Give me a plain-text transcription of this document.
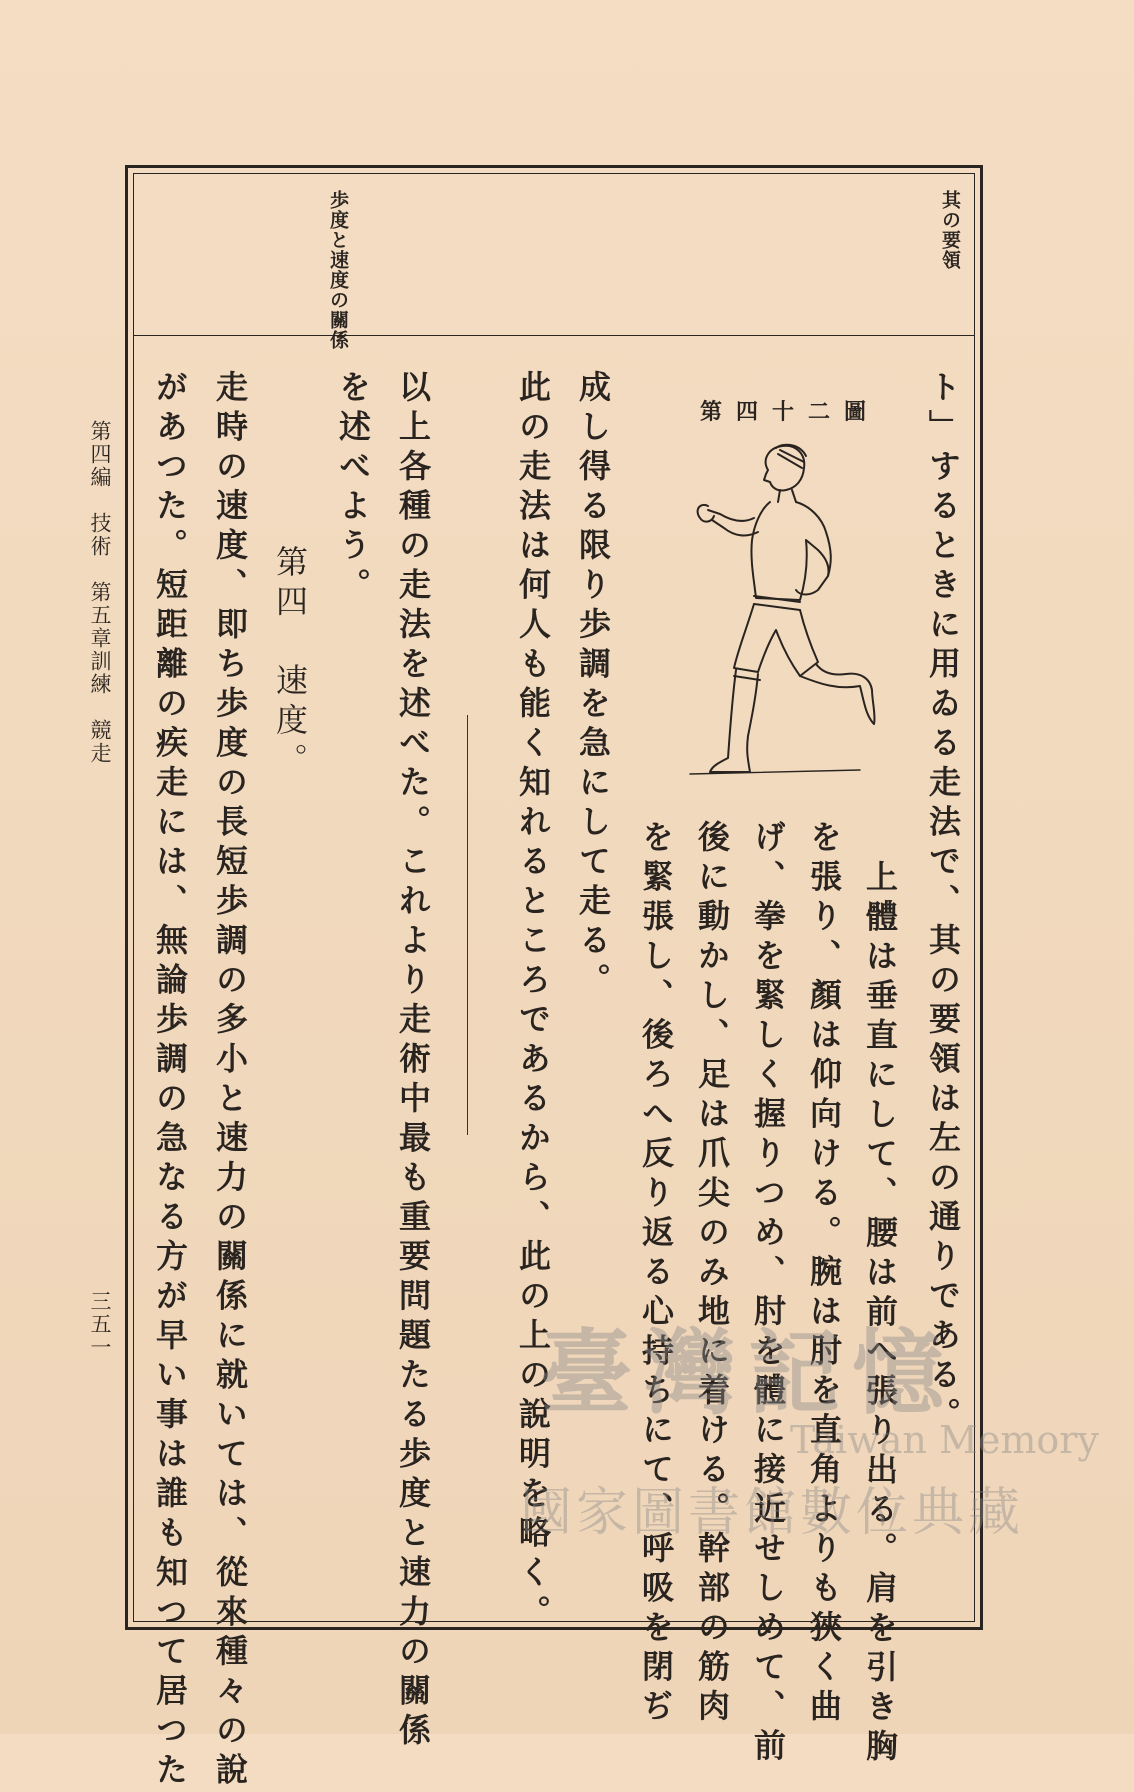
其の要領
歩度と速度の關係
ト」するときに用ゐる走法で、其の要領は左の通りである。
上體は垂直にして、腰は前へ張り出る。肩を引き胸
を張り、顏は仰向ける。腕は肘を直角よりも狹く曲
げ、拳を緊しく握りつめ、肘を體に接近せしめて、前
後に動かし、足は爪尖のみ地に着ける。幹部の筋肉
を緊張し、後ろへ反り返る心持ちにて、呼吸を閉ぢ
成し得る限り歩調を急にして走る。
此の走法は何人も能く知れるところであるから、此の上の說明を略く。
以上各種の走法を述べた。これより走術中最も重要問題たる歩度と速力の關係
を述べよう。
第四　速度。
走時の速度、即ち歩度の長短歩調の多小と速力の關係に就いては、從來種々の說
があつた。短距離の疾走には、無論歩調の急なる方が早い事は誰も知つて居つた	第四十二圖
第四編　技術　第五章訓練　競走
三五一	臺灣記憶
Taiwan Memory
國家圖書館數位典藏
